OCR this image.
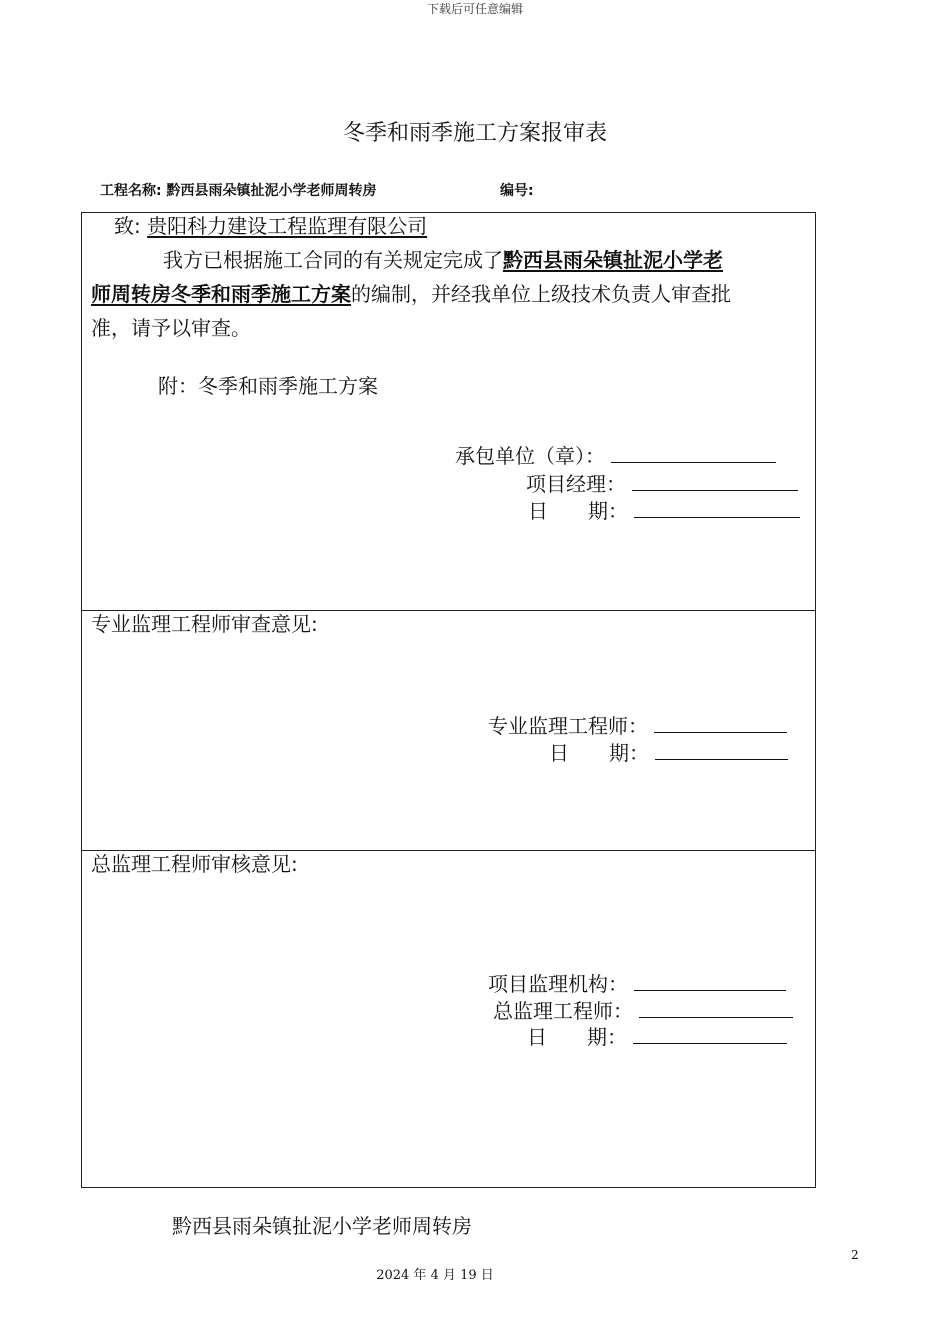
下载后可任意编辑
冬季和雨季施工方案报审表
工程名称: 黔西县雨朵镇扯泥小学老师周转房	编号:
致: 贵阳科力建设工程监理有限公司
我方已根据施工合同的有关规定完成了黔西县雨朵镇扯泥小学老
师周转房冬季和雨季施工方案的编制，并经我单位上级技术负责人审查批
准，请予以审查。
附：冬季和雨季施工方案
承包单位（章）：
项目经理：
日　　期：
专业监理工程师审查意见:
专业监理工程师：
日　　期：
总监理工程师审核意见:
项目监理机构：
总监理工程师：
日　　期：
黔西县雨朵镇扯泥小学老师周转房
2
2024 年 4 月 19 日
